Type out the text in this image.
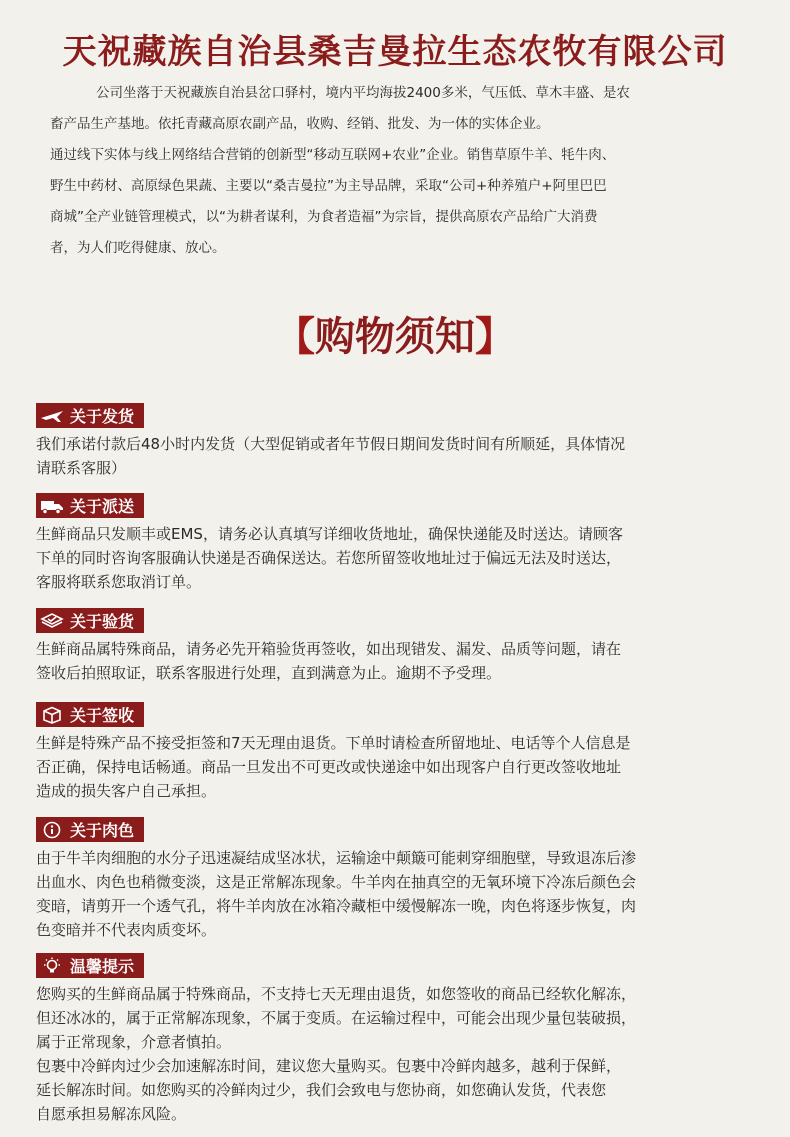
天祝藏族自治县桑吉曼拉生态农牧有限公司

公司坐落于天祝藏族自治县岔口驿村，境内平均海拔2400多米，气压低、草木丰盛、是农

畜产品生产基地。依托青藏高原农副产品，收购、经销、批发、为一体的实体企业。

通过线下实体与线上网络结合营销的创新型“移动互联网+农业”企业。销售草原牛羊、牦牛肉、

野生中药材、高原绿色果蔬、主要以“桑吉曼拉”为主导品牌，采取“公司+种养殖户+阿里巴巴

商城”全产业链管理模式，以“为耕者谋利，为食者造福”为宗旨，提供高原农产品给广大消费

者，为人们吃得健康、放心。

【购物须知】
关于发货
我们承诺付款后48小时内发货（大型促销或者年节假日期间发货时间有所顺延，具体情况
请联系客服）
关于派送
生鲜商品只发顺丰或EMS，请务必认真填写详细收货地址，确保快递能及时送达。请顾客
下单的同时咨询客服确认快递是否确保送达。若您所留签收地址过于偏远无法及时送达，
客服将联系您取消订单。
关于验货
生鲜商品属特殊商品，请务必先开箱验货再签收，如出现错发、漏发、品质等问题，请在
签收后拍照取证，联系客服进行处理，直到满意为止。逾期不予受理。
关于签收
生鲜是特殊产品不接受拒签和7天无理由退货。下单时请检查所留地址、电话等个人信息是
否正确，保持电话畅通。商品一旦发出不可更改或快递途中如出现客户自行更改签收地址
造成的损失客户自己承担。
关于肉色
由于牛羊肉细胞的水分子迅速凝结成坚冰状，运输途中颠簸可能刺穿细胞壁，导致退冻后渗
出血水、肉色也稍微变淡，这是正常解冻现象。牛羊肉在抽真空的无氧环境下冷冻后颜色会
变暗，请剪开一个透气孔，将牛羊肉放在冰箱冷藏柜中缓慢解冻一晚，肉色将逐步恢复，肉
色变暗并不代表肉质变坏。
温馨提示
您购买的生鲜商品属于特殊商品，不支持七天无理由退货，如您签收的商品已经软化解冻，
但还冰冰的，属于正常解冻现象，不属于变质。在运输过程中，可能会出现少量包装破损，
属于正常现象，介意者慎拍。
包裹中冷鲜肉过少会加速解冻时间，建议您大量购买。包裹中冷鲜肉越多，越利于保鲜，
延长解冻时间。如您购买的冷鲜肉过少，我们会致电与您协商，如您确认发货，代表您
自愿承担易解冻风险。
